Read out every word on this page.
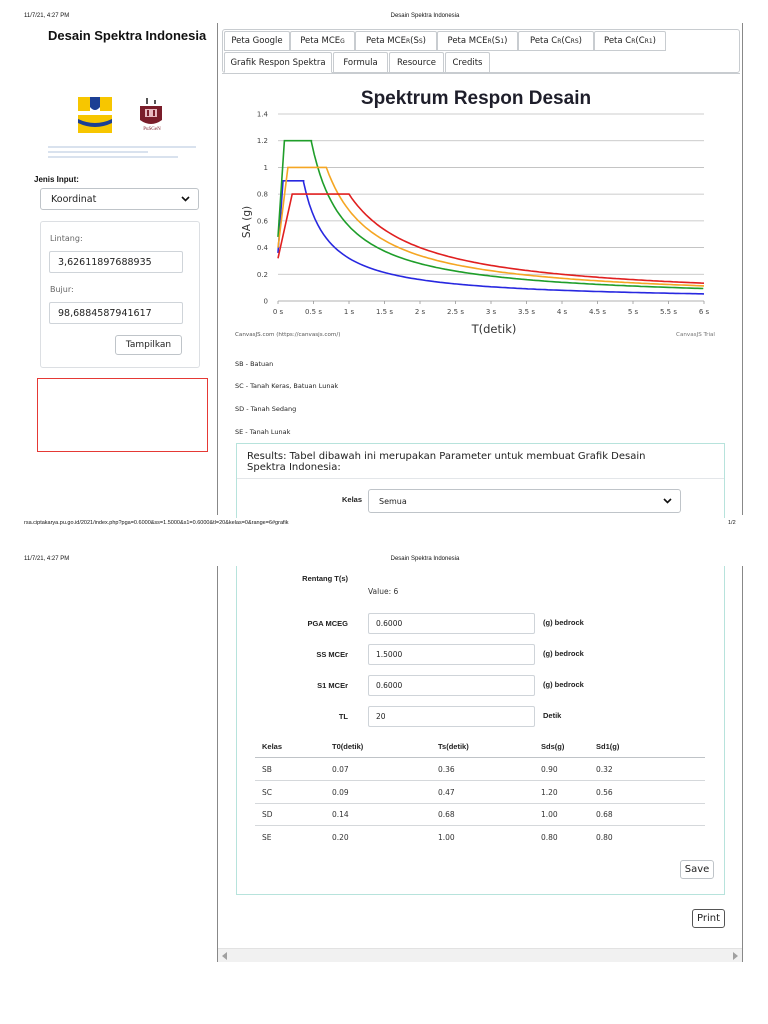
11/7/21, 4:27 PM	Desain Spektra Indonesia
Desain Spektra Indonesia
PuSGeN
Jenis Input:
Koordinat
Lintang:
3,62611897688935
Bujur:
98,6884587941617
Tampilkan
Peta Google Peta MCE G Peta MCE R (S S )	Peta MCE R (S 1 )	Peta C R (C RS )	Peta C R (C R1 )
Grafik Respon Spektra	Formula	Resource	Credits
Spektrum Respon Desain
0
0.2
0.4
0.6
0.8
1
1.2
1.4
0 s	0.5 s	1 s	1.5 s	2 s	2.5 s	3 s	3.5 s	4 s	4.5 s	5 s	5.5 s	6 s
T(detik)
SA (g)
CanvasJS.com (https://canvasjs.com/)	CanvasJS Trial
SB - Batuan
SC - Tanah Keras, Batuan Lunak
SD - Tanah Sedang
SE - Tanah Lunak
Results: Tabel dibawah ini merupakan Parameter untuk membuat Grafik Desain Spektra Indonesia:
Kelas Semua
rsa.ciptakarya.pu.go.id/2021/index.php?pga=0.6000&ss=1.5000&s1=0.6000&tl=20&kelas=0&range=6#grafik	1/2
11/7/21, 4:27 PM	Desain Spektra Indonesia
Rentang T(s)
Value: 6
PGA MCEG	0.6000	(g) bedrock
SS MCEr	1.5000	(g) bedrock
S1 MCEr	0.6000	(g) bedrock
TL	20	Detik
Kelas	T0(detik)	Ts(detik)	Sds(g)	Sd1(g)
SB	0.07	0.36	0.90	0.32
SC	0.09	0.47	1.20	0.56
SD	0.14	0.68	1.00	0.68
SE	0.20	1.00	0.80	0.80
Save
Print
